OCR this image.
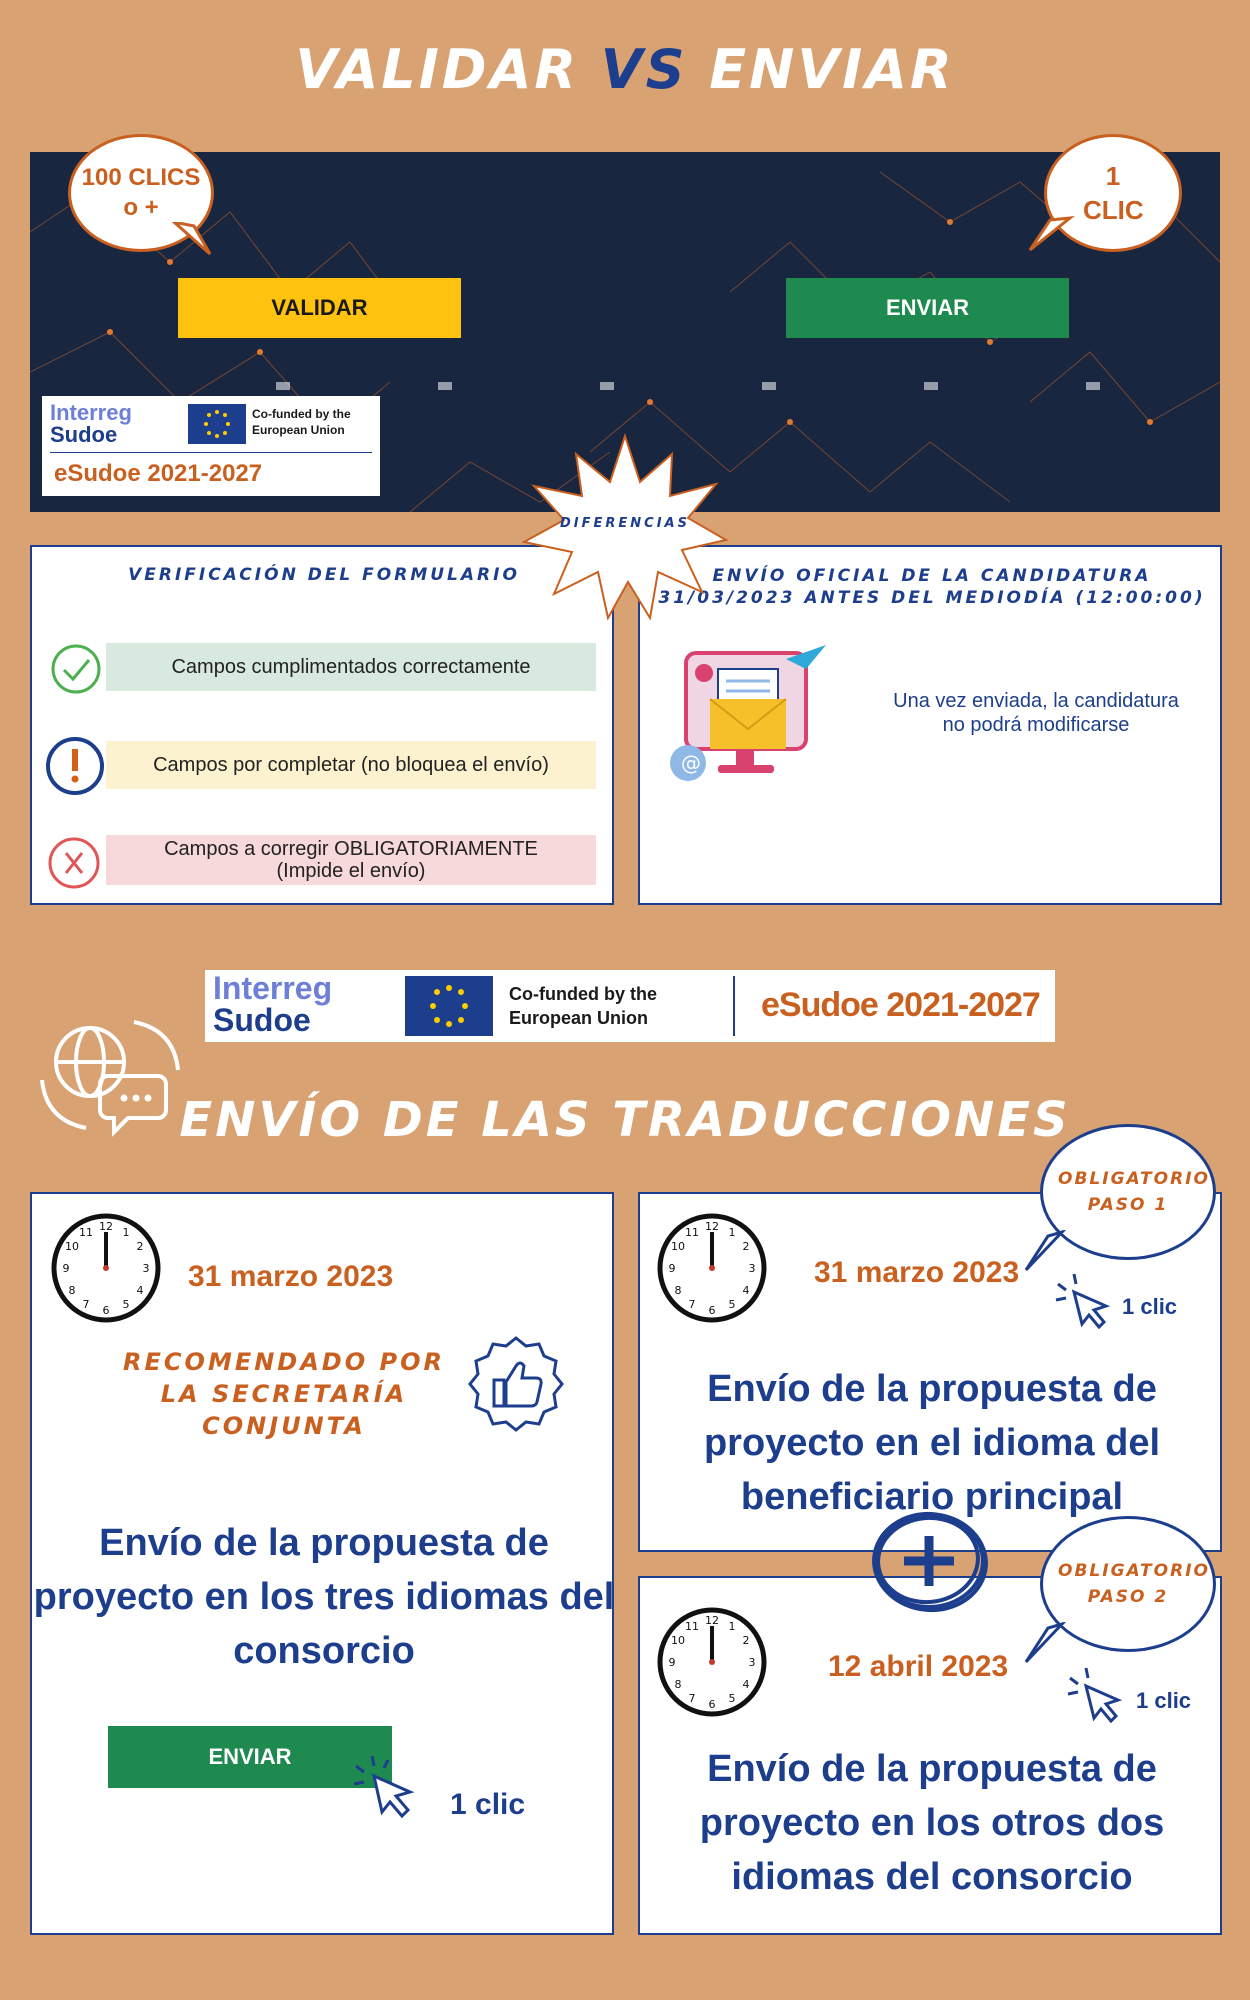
VALIDAR VS ENVIAR
VALIDAR	ENVIAR
Interreg
Sudoe
Co-funded by the European Union
eSudoe 2021-2027
100 CLICS o +
1 CLIC
VERIFICACIÓN DEL FORMULARIO
Campos cumplimentados correctamente
Campos por completar (no bloquea el envío)
Campos a corregir OBLIGATORIAMENTE (Impide el envío)
ENVÍO OFICIAL DE LA CANDIDATURA
31/03/2023 ANTES DEL MEDIODÍA (12:00:00)
@
Una vez enviada, la candidatura no podrá modificarse
DIFERENCIAS
Interreg
Sudoe
Co-funded by the European Union	eSudoe 2021-2027
ENVÍO DE LAS TRADUCCIONES
12 1
2
3
4
5
6
7
8
9
10
11
31 marzo 2023
RECOMENDADO POR LA SECRETARÍA CONJUNTA
Envío de la propuesta de proyecto en los tres idiomas del consorcio
ENVIAR
1 clic
12 1
2
3
4
5
6
7
8
9
10
11
31 marzo 2023
1 clic
Envío de la propuesta de proyecto en el idioma del beneficiario principal
OBLIGATORIO PASO 1
12 1
2
3
4
5
6
7
8
9
10
11
12 abril 2023
1 clic
Envío de la propuesta de proyecto en los otros dos idiomas del consorcio
OBLIGATORIO PASO 2
